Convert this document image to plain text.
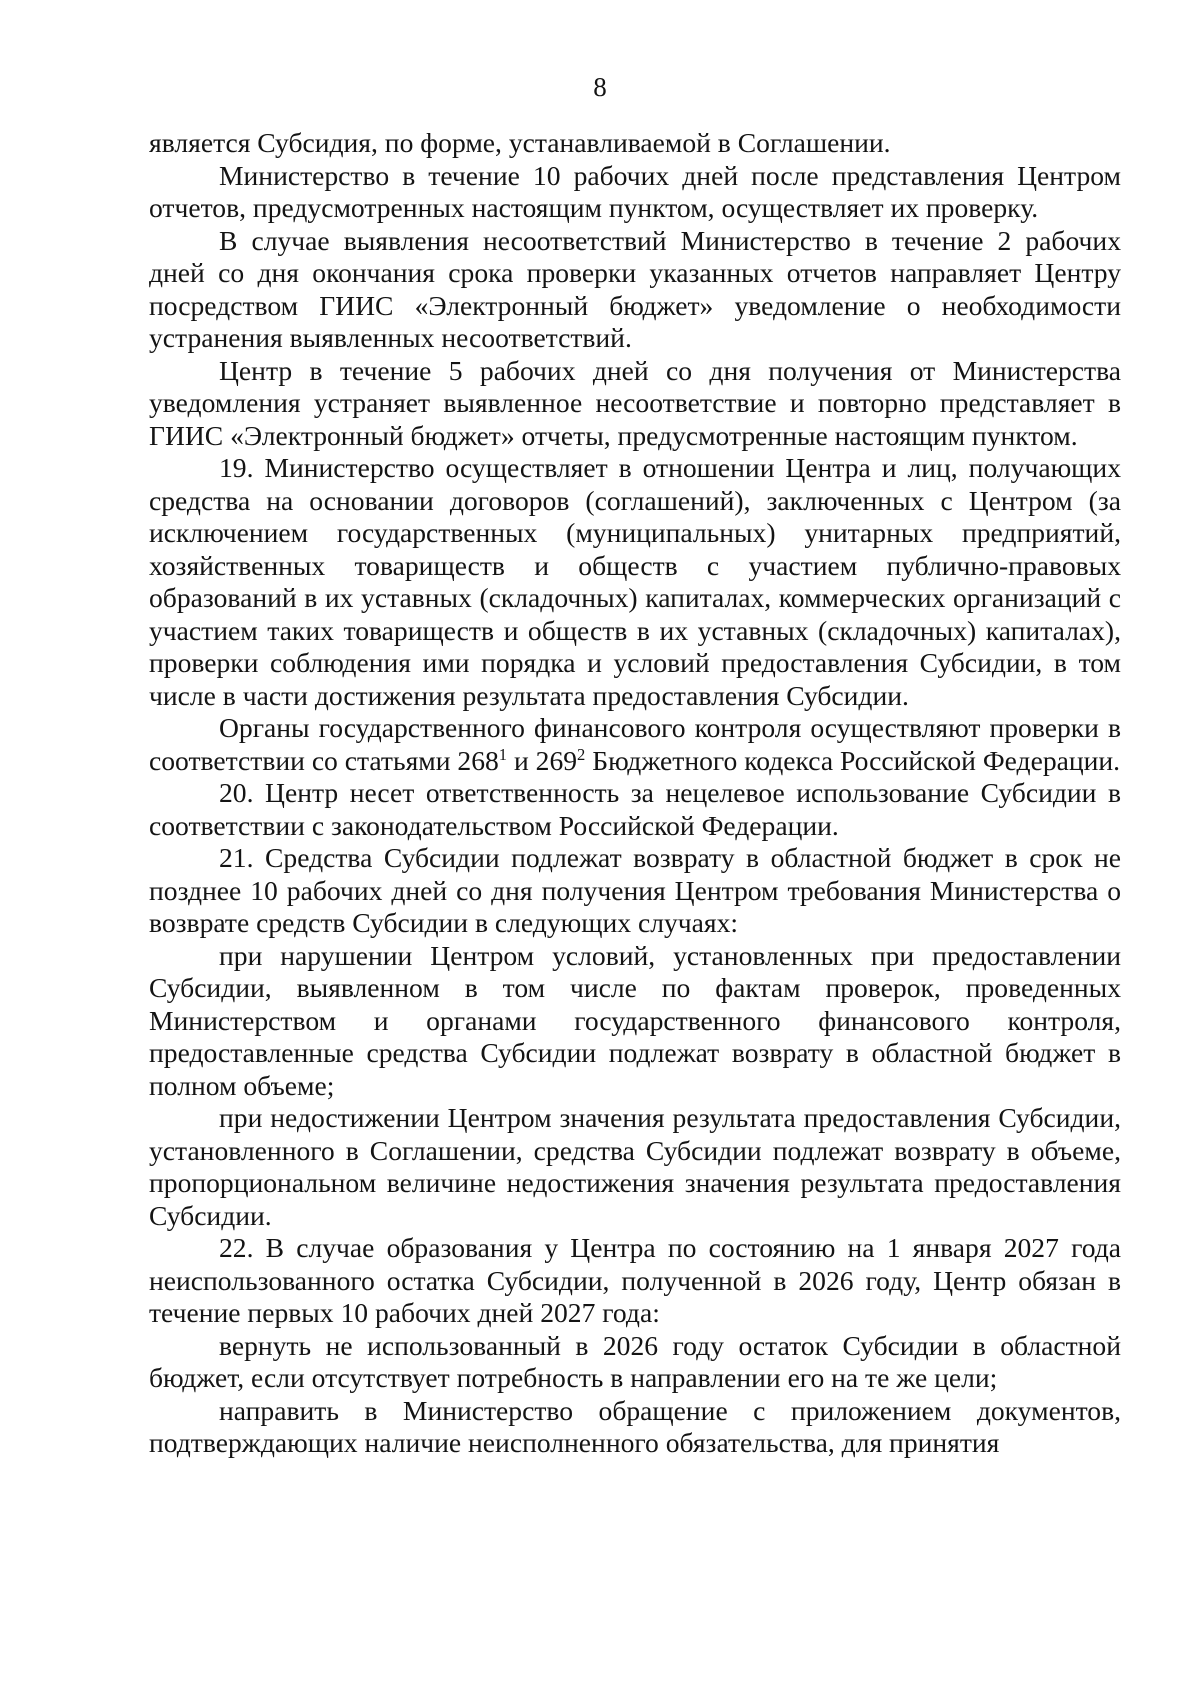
8

является Субсидия, по форме, устанавливаемой в Соглашении.

Министерство в течение 10 рабочих дней после представления Центром отчетов, предусмотренных настоящим пунктом, осуществляет их проверку.

В случае выявления несоответствий Министерство в течение 2 рабочих дней со дня окончания срока проверки указанных отчетов направляет Центру посредством ГИИС «Электронный бюджет» уведомление о необходимости устранения выявленных несоответствий.

Центр в течение 5 рабочих дней со дня получения от Министерства уведомления устраняет выявленное несоответствие и повторно представляет в ГИИС «Электронный бюджет» отчеты, предусмотренные настоящим пунктом.

19. Министерство осуществляет в отношении Центра и лиц, получающих средства на основании договоров (соглашений), заключенных с Центром (за исключением государственных (муниципальных) унитарных предприятий, хозяйственных товариществ и обществ с участием публично-правовых образований в их уставных (складочных) капиталах, коммерческих организаций с участием таких товариществ и обществ в их уставных (складочных) капиталах), проверки соблюдения ими порядка и условий предоставления Субсидии, в том числе в части достижения результата предоставления Субсидии.

Органы государственного финансового контроля осуществляют проверки в соответствии со статьями $268^1$ и $269^2$ Бюджетного кодекса Российской Федерации.

20. Центр несет ответственность за нецелевое использование Субсидии в соответствии с законодательством Российской Федерации.

21. Средства Субсидии подлежат возврату в областной бюджет в срок не позднее 10 рабочих дней со дня получения Центром требования Министерства о возврате средств Субсидии в следующих случаях:

при нарушении Центром условий, установленных при предоставлении Субсидии, выявленном в том числе по фактам проверок, проведенных Министерством и органами государственного финансового контроля, предоставленные средства Субсидии подлежат возврату в областной бюджет в полном объеме;

при недостижении Центром значения результата предоставления Субсидии, установленного в Соглашении, средства Субсидии подлежат возврату в объеме, пропорциональном величине недостижения значения результата предоставления Субсидии.

22. В случае образования у Центра по состоянию на 1 января 2027 года неиспользованного остатка Субсидии, полученной в 2026 году, Центр обязан в течение первых 10 рабочих дней 2027 года:

вернуть не использованный в 2026 году остаток Субсидии в областной бюджет, если отсутствует потребность в направлении его на те же цели;

направить в Министерство обращение с приложением документов, подтверждающих наличие неисполненного обязательства, для принятия
